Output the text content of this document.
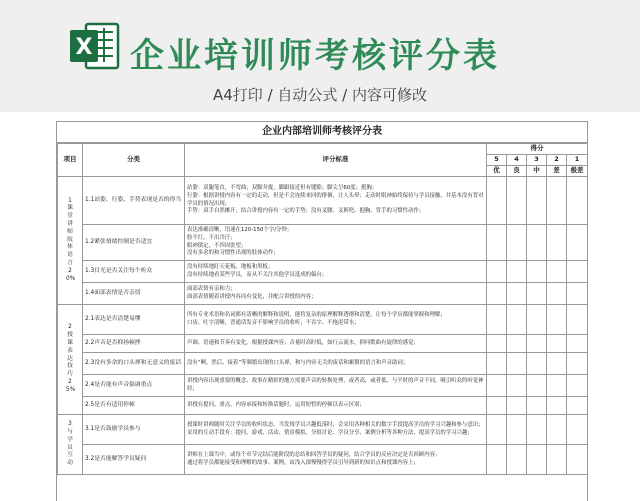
X 企业培训师考核评分表
A4打印 / 自动公式 / 内容可修改
企业内部培训师考核评分表
项目	分类	评分标准	得分				
			5	4	3	2	1
			优	良	中	差	极差

1课堂讲师肢体语言20%	1.1站姿、行姿、手势表现是否的得当	站姿：双腿笔直，不弯曲；双脚并拢，脚跟接近但有缝隙；脚尖呈60度；挺胸；
行姿：根据讲授内容有一定的走动，但是不会连续来回的徘徊，让人头晕；走动时眼神始终保持与学员接触，并基本没有背对学员的情况出现；
手势：双手自然摊开，结合讲授内容有一定的手势；没有叉腰、叉裤兜、抱胸、背手的习惯性动作；					
	1.2紧张情绪控制是否适宜	表达准确清晰，语速在120-150个字/分钟；
脸不红，不出冷汗；
眼神镇定，不四周张望；
没有多余的和习惯性出现的肢体动作；					
	1.3目光是否关注每个听众	没有持续地盯天花板、地板和黑板；
没有持续地看某些学员，而从不关注其他学员选成的偏台；					
	1.4面部表情是否亲切	面部表情有亲和力；
面部表情随着讲授内容而有变化，并配合讲授的内容；					

2授课表达技巧25%	2.1表达是否清楚易懂	所有专业术语和名词都有清晰的解释和说明，能将复杂的原理解释透彻和清楚，让每个学员都能掌握和理解；
口齿、吐字清晰，普通话发音不影响学员的收听；不吞字、不拖泥带水；					
	2.2声音是否抑扬顿挫	声调、语速和节奏有变化，根据授课内容；音量时高时低，如行云流水，抑同歌曲有旋律的感觉；					
	2.3没有多余的口头禅和无意义的废话	没有“啊、然后、接着”等频繁出现的口头禅，和与内容无关的废话和累赘的语言和声音助词；					
	2.4是否能有声音强调重点	讲授内容出现重要的概念、故事在精彩的地方需要声音的转换处理，或者高，或者低，与平时的声音不同，吸引听众的听觉神经；					
	2.5是否有适用停顿	讲授在提问、重点、内容承接和转换话题时，运用短暂的停顿以表示区别；					

3与学员互动	3.1是否鼓励学员参与	授课时讲师随时关注学员的收听状态，当发现学员兴趣低落时，会采用各种相关的数字手段提高学员的学习兴趣和参与意识；
采用的互动手段有：提问、游戏、活动、情景模拟、分组讨论、学员分享、案例分析等各种方法，提高学员的学习兴趣；					
	3.2是否能解答学员疑问	讲师在上课当中，或每个章节完结后能阶段的总结和回答学员的疑问，结合学员的反应决定是否回顾内容；
通过将学员都能接受和理解的故事、案例，由浅入深慢慢得学员引导到新的知识点和授课内容上；					
